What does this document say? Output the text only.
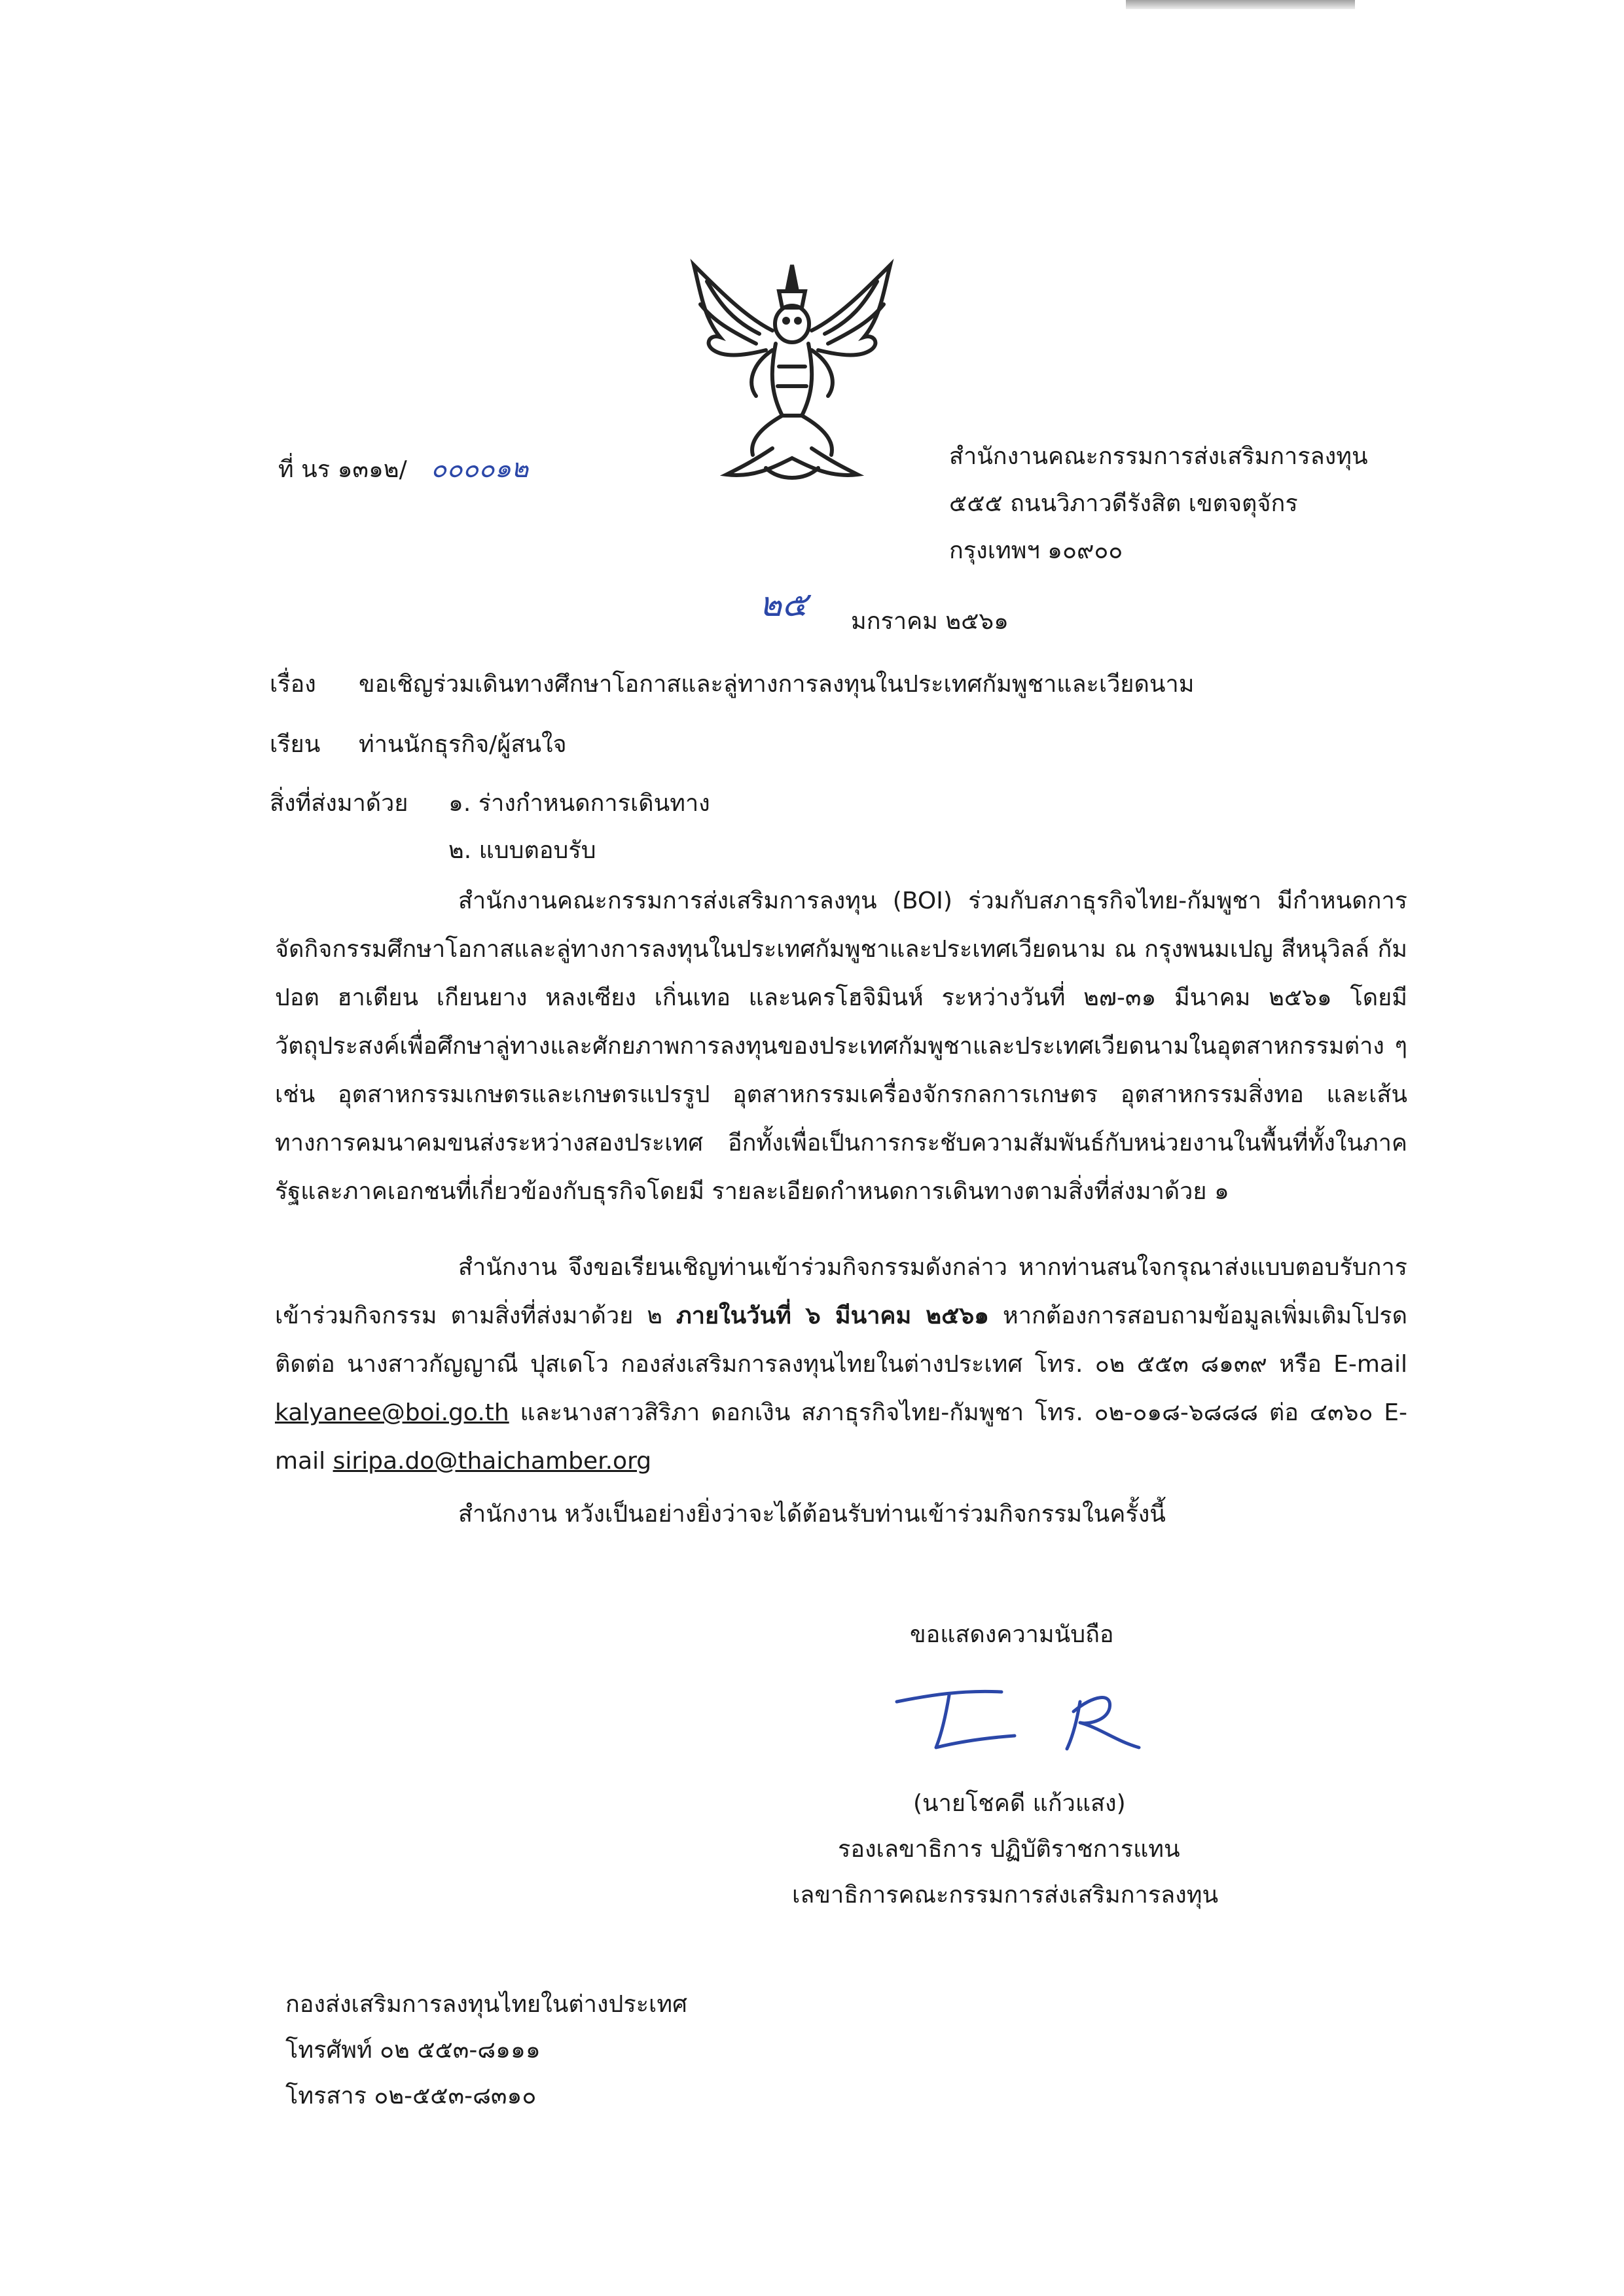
ที่ นร ๑๓๑๒/ ๐๐๐๐๑๒	สำนักงานคณะกรรมการส่งเสริมการลงทุน
๕๕๕ ถนนวิภาวดีรังสิต เขตจตุจักร
กรุงเทพฯ ๑๐๙๐๐
๒๕ มกราคม ๒๕๖๑
เรื่อง ขอเชิญร่วมเดินทางศึกษาโอกาสและลู่ทางการลงทุนในประเทศกัมพูชาและเวียดนาม
เรียน ท่านนักธุรกิจ/ผู้สนใจ
สิ่งที่ส่งมาด้วย ๑. ร่างกำหนดการเดินทาง
๒. แบบตอบรับ

สำนักงานคณะกรรมการส่งเสริมการลงทุน (BOI) ร่วมกับสภาธุรกิจไทย-กัมพูชา มีกำหนดการจัดกิจกรรมศึกษาโอกาสและลู่ทางการลงทุนในประเทศกัมพูชาและประเทศเวียดนาม ณ กรุงพนมเปญ สีหนุวิลล์ กัมปอต ฮาเตียน เกียนยาง หลงเซียง เกิ่นเทอ และนครโฮจิมินห์ ระหว่างวันที่ ๒๗-๓๑ มีนาคม ๒๕๖๑ โดยมีวัตถุประสงค์เพื่อศึกษาลู่ทางและศักยภาพการลงทุนของประเทศกัมพูชาและประเทศเวียดนามในอุตสาหกรรมต่าง ๆ เช่น อุตสาหกรรมเกษตรและเกษตรแปรรูป อุตสาหกรรมเครื่องจักรกลการเกษตร อุตสาหกรรมสิ่งทอ และเส้นทางการคมนาคมขนส่งระหว่างสองประเทศ อีกทั้งเพื่อเป็นการกระชับความสัมพันธ์กับหน่วยงานในพื้นที่ทั้งในภาครัฐและภาคเอกชนที่เกี่ยวข้องกับธุรกิจโดยมี รายละเอียดกำหนดการเดินทางตามสิ่งที่ส่งมาด้วย ๑

สำนักงาน จึงขอเรียนเชิญท่านเข้าร่วมกิจกรรมดังกล่าว หากท่านสนใจกรุณาส่งแบบตอบรับการเข้าร่วมกิจกรรม ตามสิ่งที่ส่งมาด้วย ๒ ภายในวันที่ ๖ มีนาคม ๒๕๖๑ หากต้องการสอบถามข้อมูลเพิ่มเติมโปรดติดต่อ นางสาวกัญญาณี ปุสเดโว กองส่งเสริมการลงทุนไทยในต่างประเทศ โทร. ๐๒ ๕๕๓ ๘๑๓๙ หรือ E-mail kalyanee@boi.go.th และนางสาวสิริภา ดอกเงิน สภาธุรกิจไทย-กัมพูชา โทร. ๐๒-๐๑๘-๖๘๘๘ ต่อ ๔๓๖๐ E-mail siripa.do@thaichamber.org

สำนักงาน หวังเป็นอย่างยิ่งว่าจะได้ต้อนรับท่านเข้าร่วมกิจกรรมในครั้งนี้
ขอแสดงความนับถือ
(นายโชคดี แก้วแสง)
รองเลขาธิการ ปฏิบัติราชการแทน
เลขาธิการคณะกรรมการส่งเสริมการลงทุน
กองส่งเสริมการลงทุนไทยในต่างประเทศ
โทรศัพท์ ๐๒ ๕๕๓-๘๑๑๑
โทรสาร ๐๒-๕๕๓-๘๓๑๐
